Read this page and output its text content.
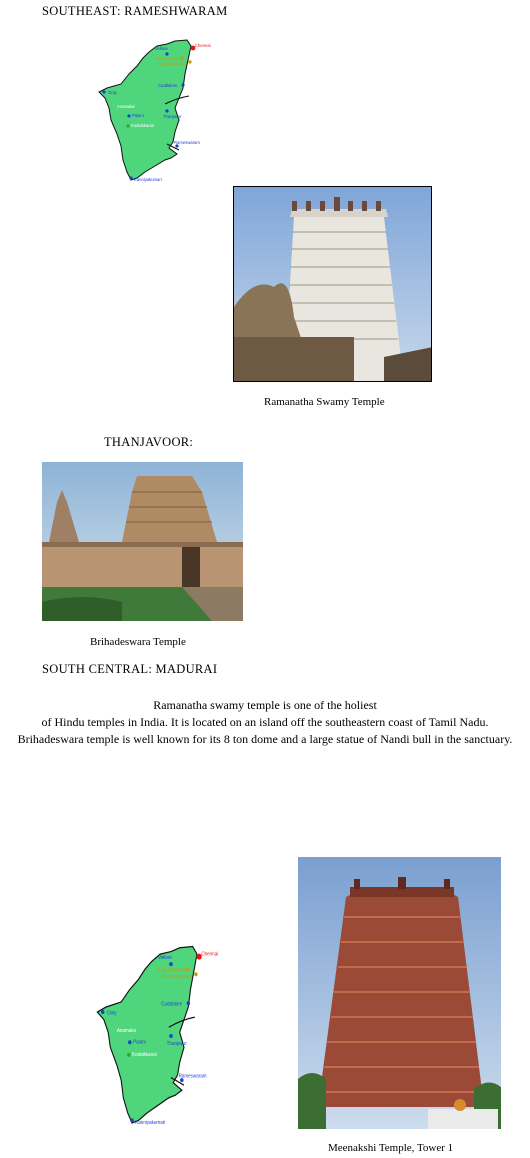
SOUTHEAST: RAMESHWARAM
Chennai
Vellore
Kanchipuram
Mamallapuram
Cuddalore
Ooty
Anamalai
Palani
Kodaikkanal
Thanjavur
Rameswaram
Kanniyakumari
Ramanatha Swamy Temple
THANJAVOOR:
Brihadeswara Temple
SOUTH CENTRAL: MADURAI
Ramanatha swamy temple is one of the holiest
of Hindu temples in India. It is located on an island off the southeastern coast of Tamil Nadu. Brihadeswara temple is well known for its 8 ton dome and a large statue of Nandi bull in the sanctuary.
Chennai
Vellore
Kanchipuram
Mamallapuram
Cuddalore
Ooty
Anamalai
Palani
Kodaikkanal
Thanjavur
Rameswaram
Kanniyakumari
Meenakshi Temple, Tower 1
